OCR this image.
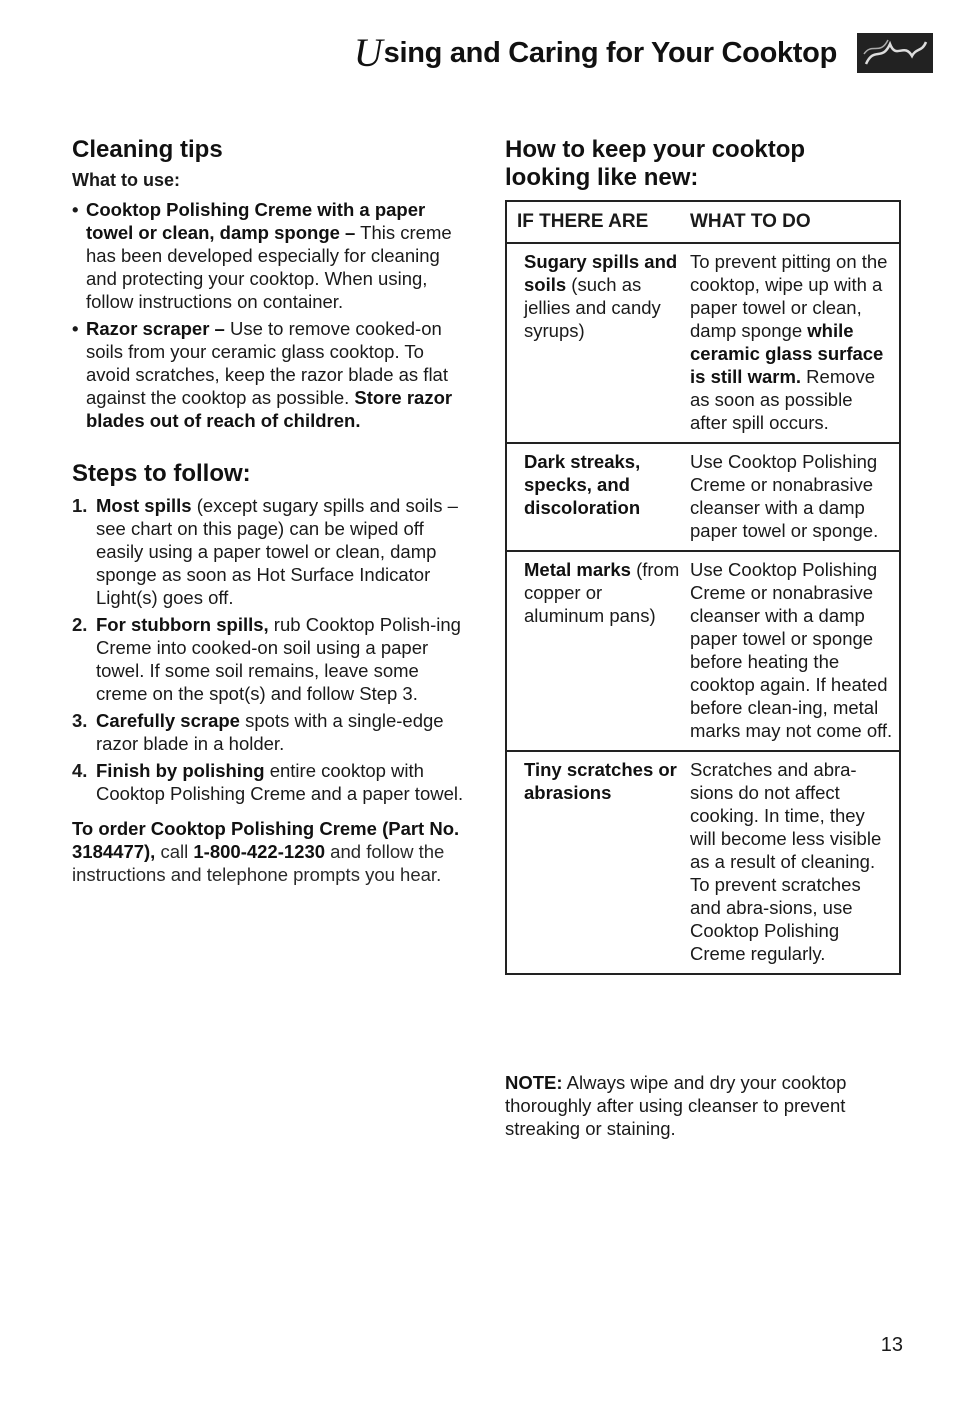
U sing and Caring for Your Cooktop
Cleaning tips
What to use:
• Cooktop Polishing Creme with a paper towel or clean, damp sponge – This creme has been developed especially for cleaning and protecting your cooktop. When using, follow instructions on container.
• Razor scraper – Use to remove cooked-on soils from your ceramic glass cooktop. To avoid scratches, keep the razor blade as flat against the cooktop as possible. Store razor blades out of reach of children.
Steps to follow:
1. Most spills (except sugary spills and soils – see chart on this page) can be wiped off easily using a paper towel or clean, damp sponge as soon as Hot Surface Indicator Light(s) goes off.
2. For stubborn spills, rub Cooktop Polish-ing Creme into cooked-on soil using a paper towel. If some soil remains, leave some creme on the spot(s) and follow Step 3.
3. Carefully scrape spots with a single-edge razor blade in a holder.
4. Finish by polishing entire cooktop with Cooktop Polishing Creme and a paper towel.
To order Cooktop Polishing Creme (Part No. 3184477), call 1-800-422-1230 and follow the instructions and telephone prompts you hear.
How to keep your cooktop
looking like new:
IF THERE ARE	WHAT TO DO
Sugary spills and soils (such as jellies and candy syrups)
To prevent pitting on the cooktop, wipe up with a paper towel or clean, damp sponge while ceramic glass surface is still warm. Remove as soon as possible after spill occurs.
Dark streaks, specks, and discoloration
Use Cooktop Polishing Creme or nonabrasive cleanser with a damp paper towel or sponge.
Metal marks (from copper or aluminum pans)
Use Cooktop Polishing Creme or nonabrasive cleanser with a damp paper towel or sponge before heating the cooktop again. If heated before clean-ing, metal marks may not come off.
Tiny scratches or abrasions
Scratches and abra-sions do not affect cooking. In time, they will become less visible as a result of cleaning. To prevent scratches and abra-sions, use Cooktop Polishing Creme regularly.
NOTE: Always wipe and dry your cooktop thoroughly after using cleanser to prevent streaking or staining.
13
